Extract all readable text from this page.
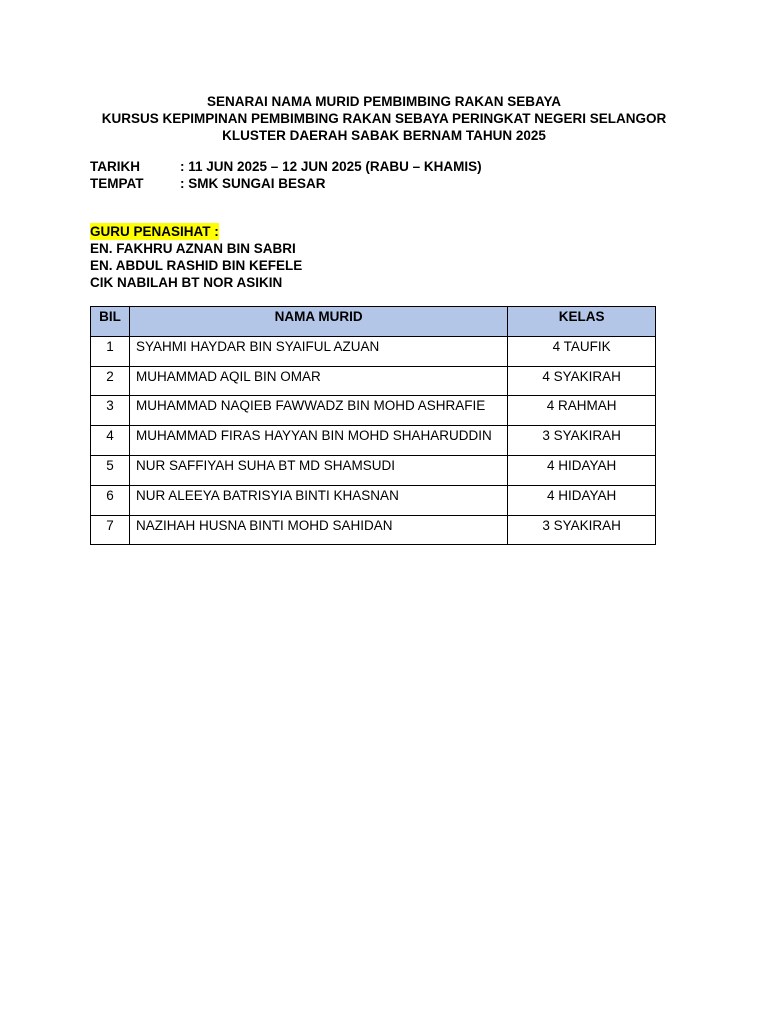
SENARAI NAMA MURID PEMBIMBING RAKAN SEBAYA
KURSUS KEPIMPINAN PEMBIMBING RAKAN SEBAYA PERINGKAT NEGERI SELANGOR
KLUSTER DAERAH SABAK BERNAM TAHUN 2025
TARIKH	: 11 JUN 2025 – 12 JUN 2025 (RABU – KHAMIS)
TEMPAT	: SMK SUNGAI BESAR
GURU PENASIHAT :
EN. FAKHRU AZNAN BIN SABRI
EN. ABDUL RASHID BIN KEFELE
CIK NABILAH BT NOR ASIKIN
BIL	NAMA MURID	KELAS
1	SYAHMI HAYDAR BIN SYAIFUL AZUAN	4 TAUFIK
2	MUHAMMAD AQIL BIN OMAR	4 SYAKIRAH
3	MUHAMMAD NAQIEB FAWWADZ BIN MOHD ASHRAFIE	4 RAHMAH
4	MUHAMMAD FIRAS HAYYAN BIN MOHD SHAHARUDDIN	3 SYAKIRAH
5	NUR SAFFIYAH SUHA BT MD SHAMSUDI	4 HIDAYAH
6	NUR ALEEYA BATRISYIA BINTI KHASNAN	4 HIDAYAH
7	NAZIHAH HUSNA BINTI MOHD SAHIDAN	3 SYAKIRAH
